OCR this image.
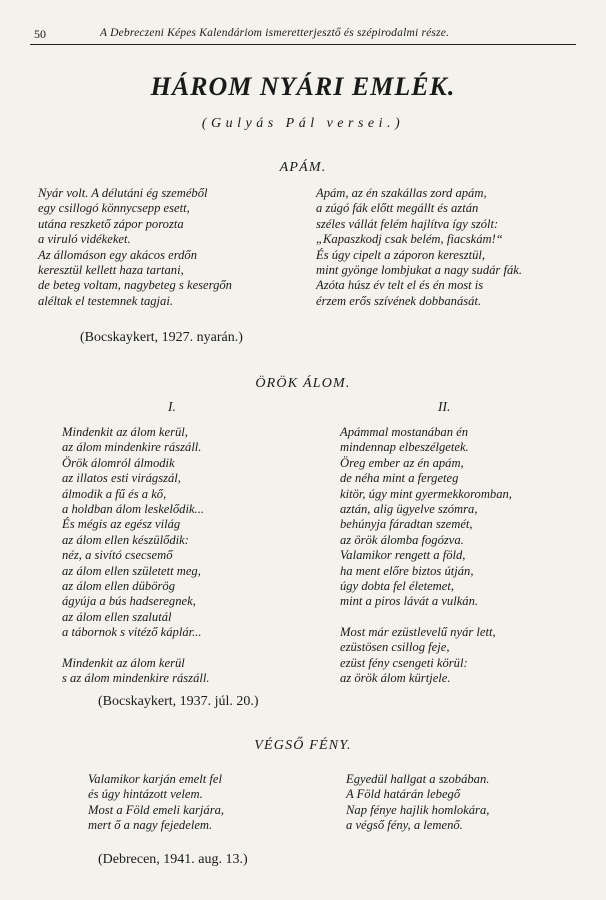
50	A Debreczeni Képes Kalendáriom ismeretterjesztő és szépirodalmi része.
HÁROM NYÁRI EMLÉK.
(Gulyás Pál versei.)
APÁM.
Nyár volt. A délutáni ég szeméből
egy csillogó könnycsepp esett,
utána reszkető zápor porozta
a viruló vidékeket.
Az állomáson egy akácos erdőn
keresztül kellett haza tartani,
de beteg voltam, nagybeteg s kesergőn
aléltak el testemnek tagjai.
Apám, az én szakállas zord apám,
a zúgó fák előtt megállt és aztán
széles vállát felém hajlítva így szólt:
„Kapaszkodj csak belém, fiacskám!“
És úgy cipelt a záporon keresztül,
mint gyönge lombjukat a nagy sudár fák.
Azóta húsz év telt el és én most is
érzem erős szívének dobbanását.
(Bocskaykert, 1927. nyarán.)
ÖRÖK ÁLOM.
I.	II.
Mindenkit az álom kerül,
az álom mindenkire rászáll.
Örök álomról álmodik
az illatos esti virágszál,
álmodik a fű és a kő,
a holdban álom leskelődik...
És mégis az egész világ
az álom ellen készülődik:
néz, a sivító csecsemő
az álom ellen született meg,
az álom ellen dübörög
ágyúja a bús hadseregnek,
az álom ellen szalutál
a tábornok s vitéző káplár...
Mindenkit az álom kerül
s az álom mindenkire rászáll.
Apámmal mostanában én
mindennap elbeszélgetek.
Öreg ember az én apám,
de néha mint a fergeteg
kitör, úgy mint gyermekkoromban,
aztán, alig ügyelve szómra,
behúnyja fáradtan szemét,
az örök álomba fogózva.
Valamikor rengett a föld,
ha ment előre biztos útján,
úgy dobta fel életemet,
mint a piros lávát a vulkán.
Most már ezüstlevelű nyár lett,
ezüstösen csillog feje,
ezüst fény csengeti körül:
az örök álom kürtjele.
(Bocskaykert, 1937. júl. 20.)
VÉGSŐ FÉNY.
Valamikor karján emelt fel
és úgy hintázott velem.
Most a Föld emeli karjára,
mert ő a nagy fejedelem.
Egyedül hallgat a szobában.
A Föld határán lebegő
Nap fénye hajlik homlokára,
a végső fény, a lemenő.
(Debrecen, 1941. aug. 13.)
